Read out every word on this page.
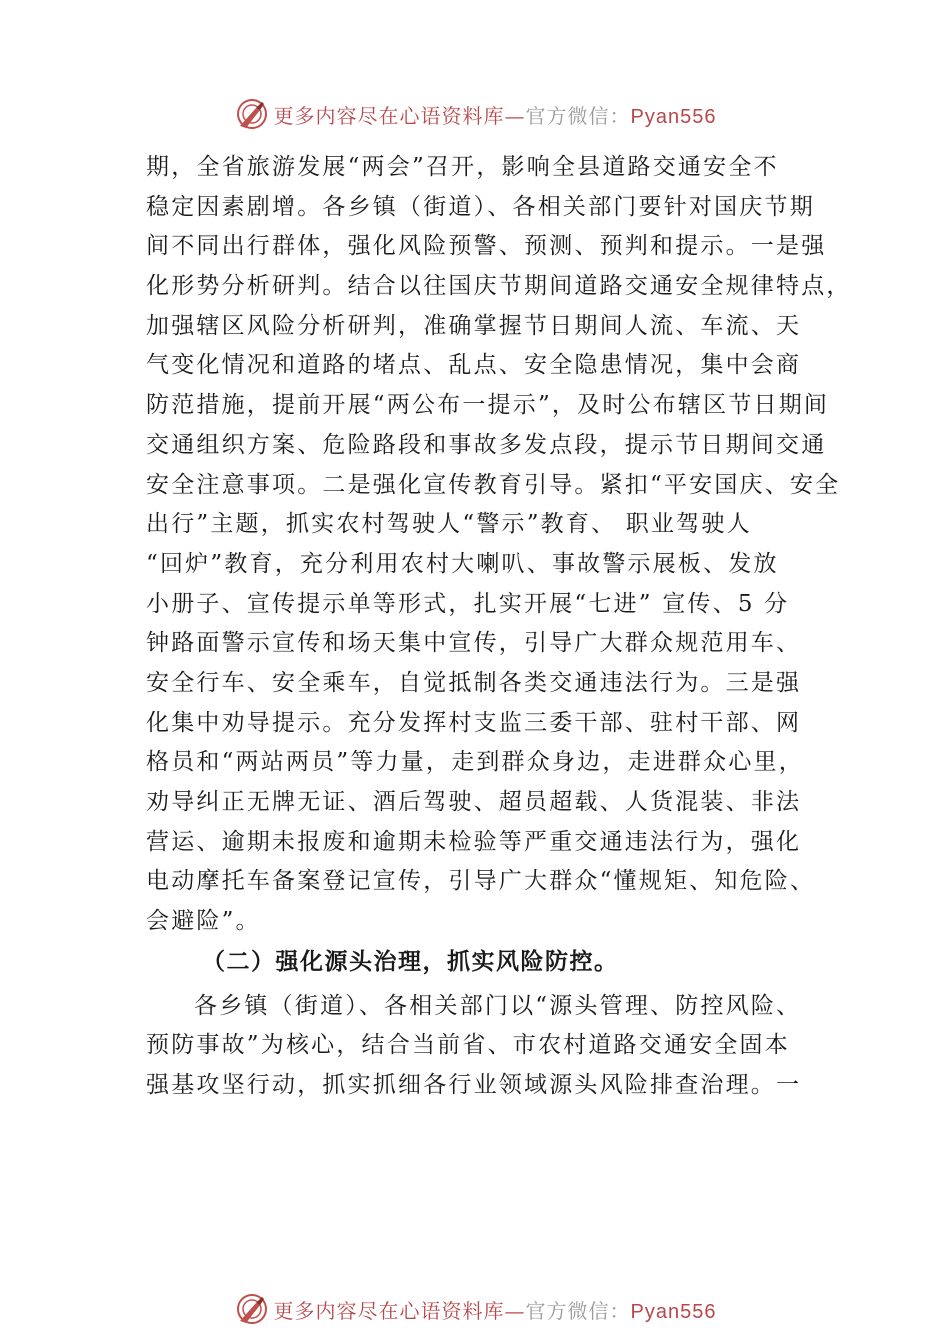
更多内容尽在心语资料库—官方微信：Pyan556
期，全省旅游发展“两会”召开，影响全县道路交通安全不
稳定因素剧增。各乡镇（街道）、各相关部门要针对国庆节期
间不同出行群体，强化风险预警、预测、预判和提示。一是强
化形势分析研判。结合以往国庆节期间道路交通安全规律特点，
加强辖区风险分析研判，准确掌握节日期间人流、车流、天
气变化情况和道路的堵点、乱点、安全隐患情况，集中会商
防范措施，提前开展“两公布一提示”，及时公布辖区节日期间
交通组织方案、危险路段和事故多发点段，提示节日期间交通
安全注意事项。二是强化宣传教育引导。紧扣“平安国庆、安全
出行”主题，抓实农村驾驶人“警示”教育、 职业驾驶人
“回炉”教育，充分利用农村大喇叭、事故警示展板、发放
小册子、宣传提示单等形式，扎实开展“七进” 宣传、5 分
钟路面警示宣传和场天集中宣传，引导广大群众规范用车、
安全行车、安全乘车，自觉抵制各类交通违法行为。三是强
化集中劝导提示。充分发挥村支监三委干部、驻村干部、网
格员和“两站两员”等力量，走到群众身边，走进群众心里，
劝导纠正无牌无证、酒后驾驶、超员超载、人货混装、非法
营运、逾期未报废和逾期未检验等严重交通违法行为，强化
电动摩托车备案登记宣传，引导广大群众“懂规矩、知危险、
会避险”。
（二）强化源头治理，抓实风险防控。
各乡镇（街道）、各相关部门以“源头管理、防控风险、
预防事故”为核心，结合当前省、市农村道路交通安全固本
强基攻坚行动，抓实抓细各行业领域源头风险排查治理。一
更多内容尽在心语资料库—官方微信：Pyan556
